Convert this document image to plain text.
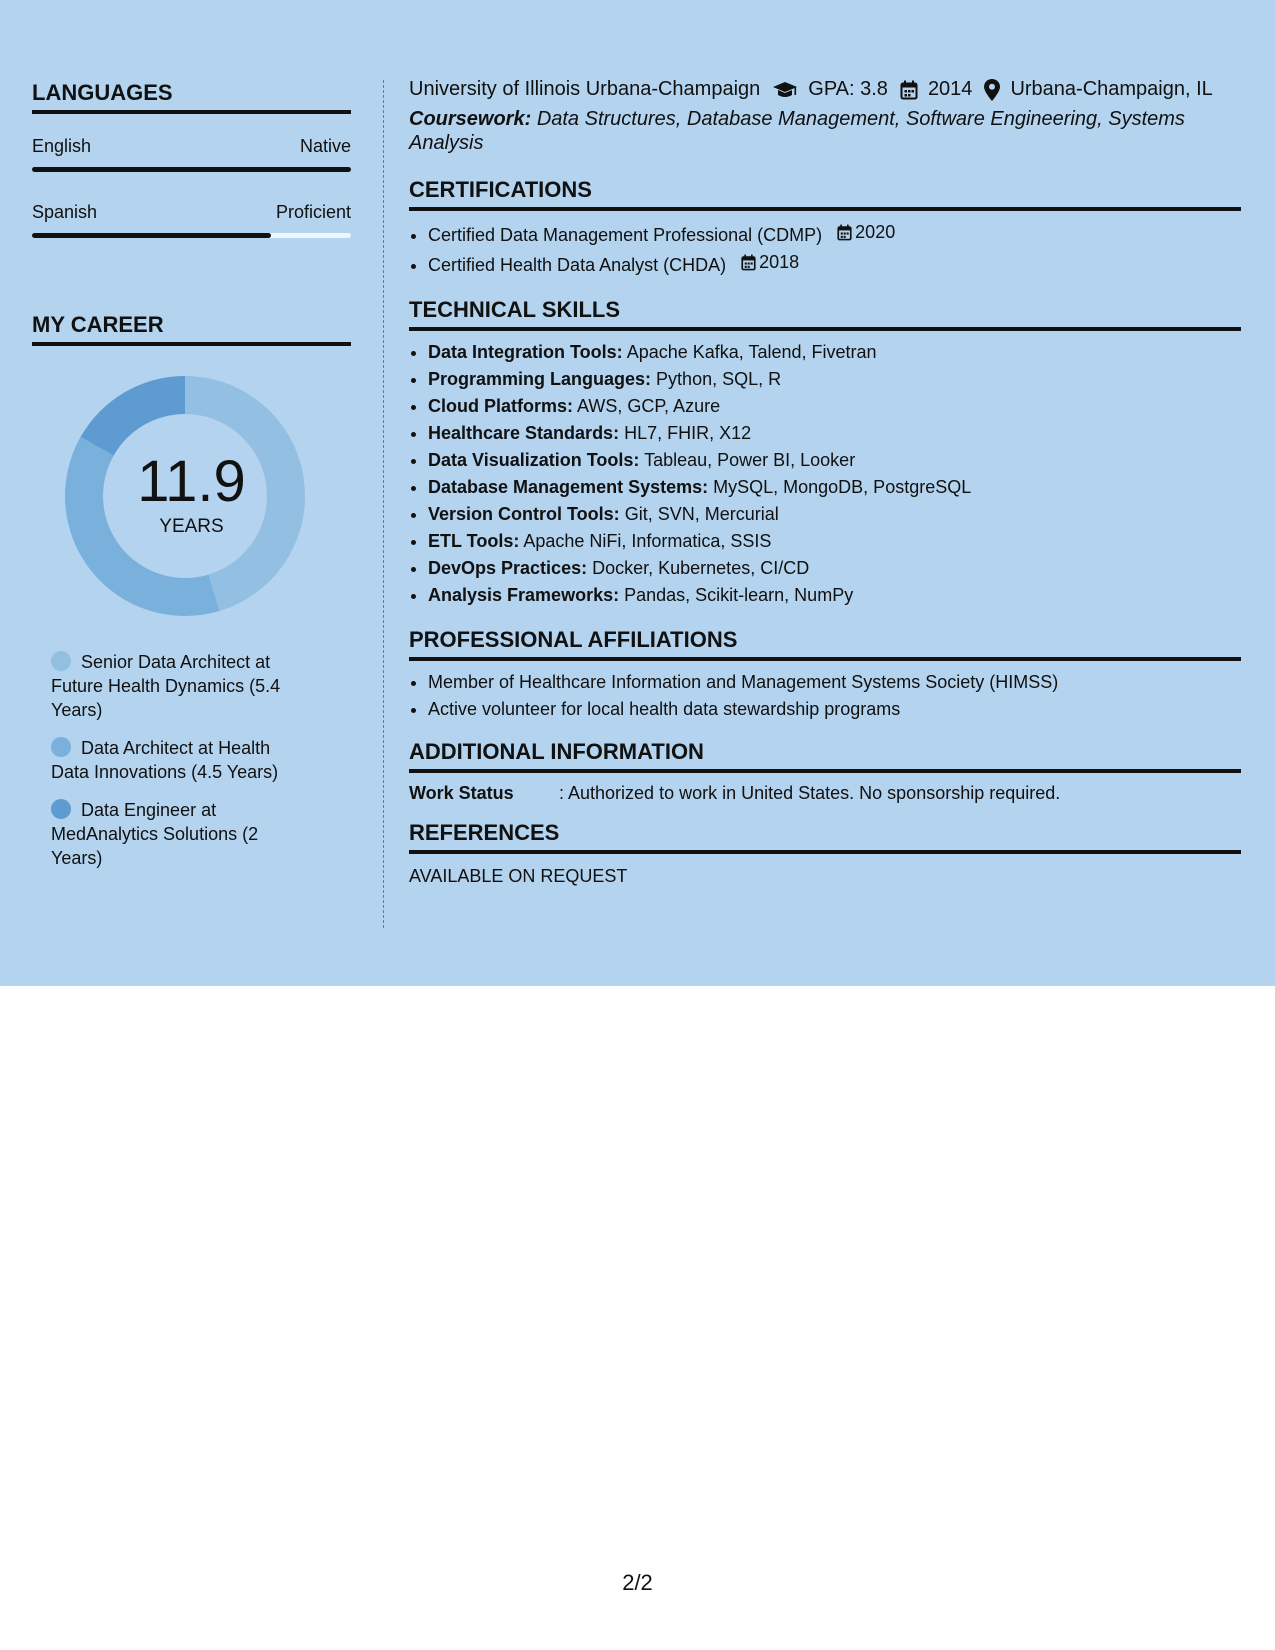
LANGUAGES
English	Native
Spanish	Proficient
MY CAREER
11.9
YEARS
Senior Data Architect at Future Health Dynamics (5.4 Years)
Data Architect at Health Data Innovations (4.5 Years)
Data Engineer at MedAnalytics Solutions (2 Years)
University of Illinois Urbana-Champaign GPA: 3.8 2014 Urbana-Champaign, IL
Coursework: Data Structures, Database Management, Software Engineering, Systems Analysis
CERTIFICATIONS
• Certified Data Management Professional (CDMP) 2020
• Certified Health Data Analyst (CHDA) 2018
TECHNICAL SKILLS
• Data Integration Tools: Apache Kafka, Talend, Fivetran
• Programming Languages: Python, SQL, R
• Cloud Platforms: AWS, GCP, Azure
• Healthcare Standards: HL7, FHIR, X12
• Data Visualization Tools: Tableau, Power BI, Looker
• Database Management Systems: MySQL, MongoDB, PostgreSQL
• Version Control Tools: Git, SVN, Mercurial
• ETL Tools: Apache NiFi, Informatica, SSIS
• DevOps Practices: Docker, Kubernetes, CI/CD
• Analysis Frameworks: Pandas, Scikit-learn, NumPy
PROFESSIONAL AFFILIATIONS
• Member of Healthcare Information and Management Systems Society (HIMSS)
• Active volunteer for local health data stewardship programs
ADDITIONAL INFORMATION
Work Status	: Authorized to work in United States. No sponsorship required.
REFERENCES
AVAILABLE ON REQUEST
2/2
